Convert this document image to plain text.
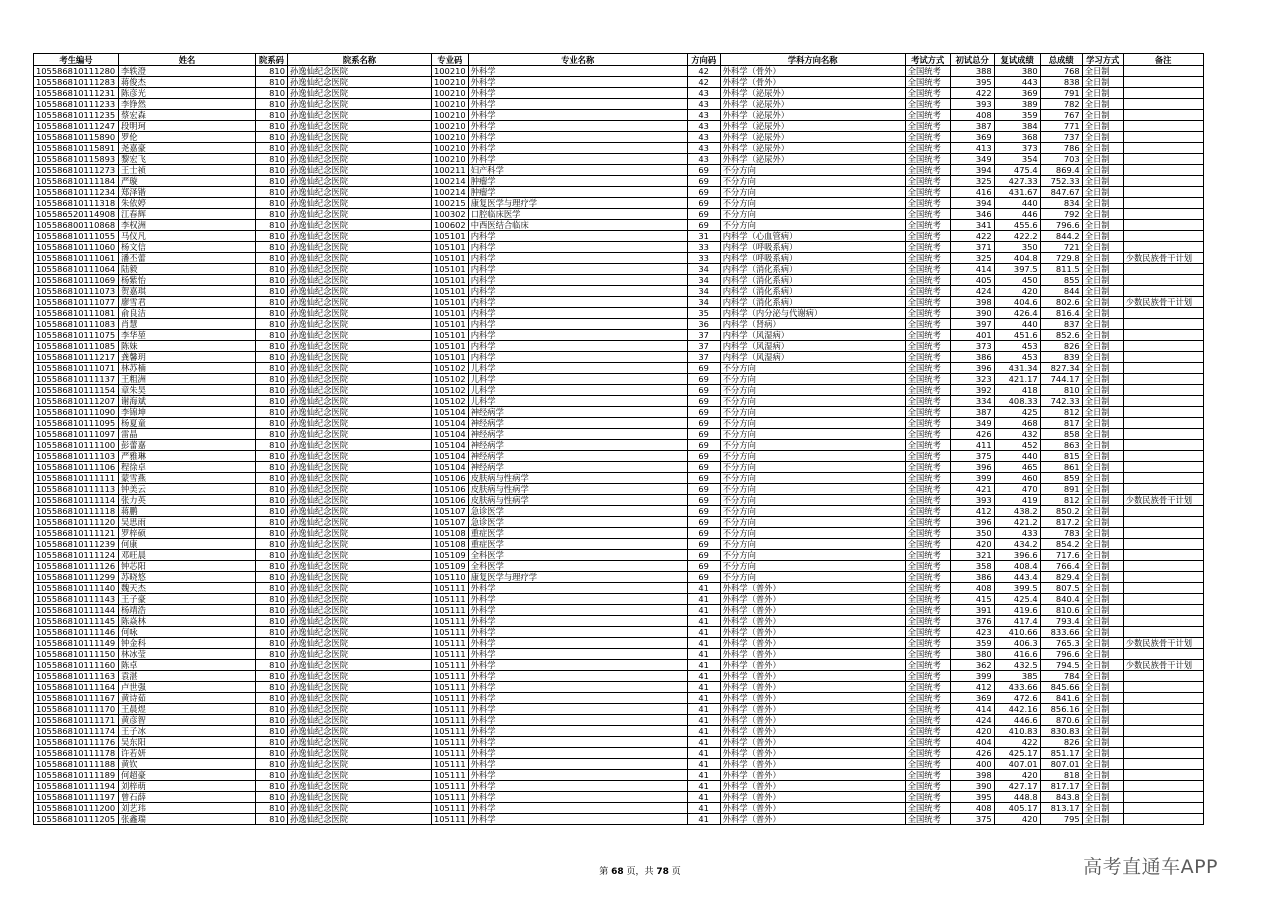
考生编号	姓名	院系码	院系名称	专业码	专业名称	方向码	学科方向名称	考试方式	初试总分	复试成绩	总成绩	学习方式	备注
105586810111280	李轶澄	810	孙逸仙纪念医院	100210	外科学	42	外科学（骨外）	全国统考	388	380	768	全日制	
105586810111283	蒋俊杰	810	孙逸仙纪念医院	100210	外科学	42	外科学（骨外）	全国统考	395	443	838	全日制	
105586810111231	陈彦光	810	孙逸仙纪念医院	100210	外科学	43	外科学（泌尿外）	全国统考	422	369	791	全日制	
105586810111233	李铮然	810	孙逸仙纪念医院	100210	外科学	43	外科学（泌尿外）	全国统考	393	389	782	全日制	
105586810111235	蔡宏森	810	孙逸仙纪念医院	100210	外科学	43	外科学（泌尿外）	全国统考	408	359	767	全日制	
105586810111247	段明珂	810	孙逸仙纪念医院	100210	外科学	43	外科学（泌尿外）	全国统考	387	384	771	全日制	
105586810115890	罗伦	810	孙逸仙纪念医院	100210	外科学	43	外科学（泌尿外）	全国统考	369	368	737	全日制	
105586810115891	尧嘉豪	810	孙逸仙纪念医院	100210	外科学	43	外科学（泌尿外）	全国统考	413	373	786	全日制	
105586810115893	黎宏飞	810	孙逸仙纪念医院	100210	外科学	43	外科学（泌尿外）	全国统考	349	354	703	全日制	
105586810111273	王士祯	810	孙逸仙纪念医院	100211	妇产科学	69	不分方向	全国统考	394	475.4	869.4	全日制	
105586810111184	严璇	810	孙逸仙纪念医院	100214	肿瘤学	69	不分方向	全国统考	325	427.33	752.33	全日制	
105586810111234	郑泽锴	810	孙逸仙纪念医院	100214	肿瘤学	69	不分方向	全国统考	416	431.67	847.67	全日制	
105586810111318	朱依婷	810	孙逸仙纪念医院	100215	康复医学与理疗学	69	不分方向	全国统考	394	440	834	全日制	
105586520114908	江春辉	810	孙逸仙纪念医院	100302	口腔临床医学	69	不分方向	全国统考	346	446	792	全日制	
105586800110868	李权洲	810	孙逸仙纪念医院	100602	中西医结合临床	69	不分方向	全国统考	341	455.6	796.6	全日制	
105586810111055	马仪凡	810	孙逸仙纪念医院	105101	内科学	31	内科学（心血管病）	全国统考	422	422.2	844.2	全日制	
105586810111060	杨文信	810	孙逸仙纪念医院	105101	内科学	33	内科学（呼吸系病）	全国统考	371	350	721	全日制	
105586810111061	潘丕蕾	810	孙逸仙纪念医院	105101	内科学	33	内科学（呼吸系病）	全国统考	325	404.8	729.8	全日制	少数民族骨干计划
105586810111064	陆毅	810	孙逸仙纪念医院	105101	内科学	34	内科学（消化系病）	全国统考	414	397.5	811.5	全日制	
105586810111069	杨紫怡	810	孙逸仙纪念医院	105101	内科学	34	内科学（消化系病）	全国统考	405	450	855	全日制	
105586810111073	贺嘉琪	810	孙逸仙纪念医院	105101	内科学	34	内科学（消化系病）	全国统考	424	420	844	全日制	
105586810111077	廖雪君	810	孙逸仙纪念医院	105101	内科学	34	内科学（消化系病）	全国统考	398	404.6	802.6	全日制	少数民族骨干计划
105586810111081	俞良洁	810	孙逸仙纪念医院	105101	内科学	35	内科学（内分泌与代谢病）	全国统考	390	426.4	816.4	全日制	
105586810111083	肖慧	810	孙逸仙纪念医院	105101	内科学	36	内科学（肾病）	全国统考	397	440	837	全日制	
105586810111075	李华堃	810	孙逸仙纪念医院	105101	内科学	37	内科学（风湿病）	全国统考	401	451.6	852.6	全日制	
105586810111085	陈妹	810	孙逸仙纪念医院	105101	内科学	37	内科学（风湿病）	全国统考	373	453	826	全日制	
105586810111217	龚馨玥	810	孙逸仙纪念医院	105101	内科学	37	内科学（风湿病）	全国统考	386	453	839	全日制	
105586810111071	林苏楠	810	孙逸仙纪念医院	105102	儿科学	69	不分方向	全国统考	396	431.34	827.34	全日制	
105586810111137	王粗洲	810	孙逸仙纪念医院	105102	儿科学	69	不分方向	全国统考	323	421.17	744.17	全日制	
105586810111154	章朱昊	810	孙逸仙纪念医院	105102	儿科学	69	不分方向	全国统考	392	418	810	全日制	
105586810111207	谢海斌	810	孙逸仙纪念医院	105102	儿科学	69	不分方向	全国统考	334	408.33	742.33	全日制	
105586810111090	李锦坤	810	孙逸仙纪念医院	105104	神经病学	69	不分方向	全国统考	387	425	812	全日制	
105586810111095	杨夏童	810	孙逸仙纪念医院	105104	神经病学	69	不分方向	全国统考	349	468	817	全日制	
105586810111097	雷晶	810	孙逸仙纪念医院	105104	神经病学	69	不分方向	全国统考	426	432	858	全日制	
105586810111100	彭蕾嘉	810	孙逸仙纪念医院	105104	神经病学	69	不分方向	全国统考	411	452	863	全日制	
105586810111103	严雅琳	810	孙逸仙纪念医院	105104	神经病学	69	不分方向	全国统考	375	440	815	全日制	
105586810111106	程徐卓	810	孙逸仙纪念医院	105104	神经病学	69	不分方向	全国统考	396	465	861	全日制	
105586810111111	蒙雪燕	810	孙逸仙纪念医院	105106	皮肤病与性病学	69	不分方向	全国统考	399	460	859	全日制	
105586810111113	钟美云	810	孙逸仙纪念医院	105106	皮肤病与性病学	69	不分方向	全国统考	421	470	891	全日制	
105586810111114	张力英	810	孙逸仙纪念医院	105106	皮肤病与性病学	69	不分方向	全国统考	393	419	812	全日制	少数民族骨干计划
105586810111118	蒋鹏	810	孙逸仙纪念医院	105107	急诊医学	69	不分方向	全国统考	412	438.2	850.2	全日制	
105586810111120	吴思雨	810	孙逸仙纪念医院	105107	急诊医学	69	不分方向	全国统考	396	421.2	817.2	全日制	
105586810111121	罗梓硕	810	孙逸仙纪念医院	105108	重症医学	69	不分方向	全国统考	350	433	783	全日制	
105586810111239	何康	810	孙逸仙纪念医院	105108	重症医学	69	不分方向	全国统考	420	434.2	854.2	全日制	
105586810111124	邓旺晨	810	孙逸仙纪念医院	105109	全科医学	69	不分方向	全国统考	321	396.6	717.6	全日制	
105586810111126	钟芯阳	810	孙逸仙纪念医院	105109	全科医学	69	不分方向	全国统考	358	408.4	766.4	全日制	
105586810111299	苏晓悠	810	孙逸仙纪念医院	105110	康复医学与理疗学	69	不分方向	全国统考	386	443.4	829.4	全日制	
105586810111140	魏天杰	810	孙逸仙纪念医院	105111	外科学	41	外科学（普外）	全国统考	408	399.5	807.5	全日制	
105586810111143	王子豪	810	孙逸仙纪念医院	105111	外科学	41	外科学（普外）	全国统考	415	425.4	840.4	全日制	
105586810111144	杨靖浩	810	孙逸仙纪念医院	105111	外科学	41	外科学（普外）	全国统考	391	419.6	810.6	全日制	
105586810111145	陈焱林	810	孙逸仙纪念医院	105111	外科学	41	外科学（普外）	全国统考	376	417.4	793.4	全日制	
105586810111146	何咏	810	孙逸仙纪念医院	105111	外科学	41	外科学（普外）	全国统考	423	410.66	833.66	全日制	
105586810111149	钟金科	810	孙逸仙纪念医院	105111	外科学	41	外科学（普外）	全国统考	359	406.3	765.3	全日制	少数民族骨干计划
105586810111150	林冰莹	810	孙逸仙纪念医院	105111	外科学	41	外科学（普外）	全国统考	380	416.6	796.6	全日制	
105586810111160	陈卓	810	孙逸仙纪念医院	105111	外科学	41	外科学（普外）	全国统考	362	432.5	794.5	全日制	少数民族骨干计划
105586810111163	袁湛	810	孙逸仙纪念医院	105111	外科学	41	外科学（普外）	全国统考	399	385	784	全日制	
105586810111164	卢世强	810	孙逸仙纪念医院	105111	外科学	41	外科学（普外）	全国统考	412	433.66	845.66	全日制	
105586810111167	黄诗茹	810	孙逸仙纪念医院	105111	外科学	41	外科学（普外）	全国统考	369	472.6	841.6	全日制	
105586810111170	王晨煜	810	孙逸仙纪念医院	105111	外科学	41	外科学（普外）	全国统考	414	442.16	856.16	全日制	
105586810111171	黄彦智	810	孙逸仙纪念医院	105111	外科学	41	外科学（普外）	全国统考	424	446.6	870.6	全日制	
105586810111174	王子冰	810	孙逸仙纪念医院	105111	外科学	41	外科学（普外）	全国统考	420	410.83	830.83	全日制	
105586810111176	吴东阳	810	孙逸仙纪念医院	105111	外科学	41	外科学（普外）	全国统考	404	422	826	全日制	
105586810111178	许若妍	810	孙逸仙纪念医院	105111	外科学	41	外科学（普外）	全国统考	426	425.17	851.17	全日制	
105586810111188	黄钦	810	孙逸仙纪念医院	105111	外科学	41	外科学（普外）	全国统考	400	407.01	807.01	全日制	
105586810111189	何超豪	810	孙逸仙纪念医院	105111	外科学	41	外科学（普外）	全国统考	398	420	818	全日制	
105586810111194	刘梓萌	810	孙逸仙纪念医院	105111	外科学	41	外科学（普外）	全国统考	390	427.17	817.17	全日制	
105586810111197	曾石薛	810	孙逸仙纪念医院	105111	外科学	41	外科学（普外）	全国统考	395	448.8	843.8	全日制	
105586810111200	刘艺玮	810	孙逸仙纪念医院	105111	外科学	41	外科学（普外）	全国统考	408	405.17	813.17	全日制	
105586810111205	张鑫瑞	810	孙逸仙纪念医院	105111	外科学	41	外科学（普外）	全国统考	375	420	795	全日制	
第 68 页，共 78 页	高考直通车APP
